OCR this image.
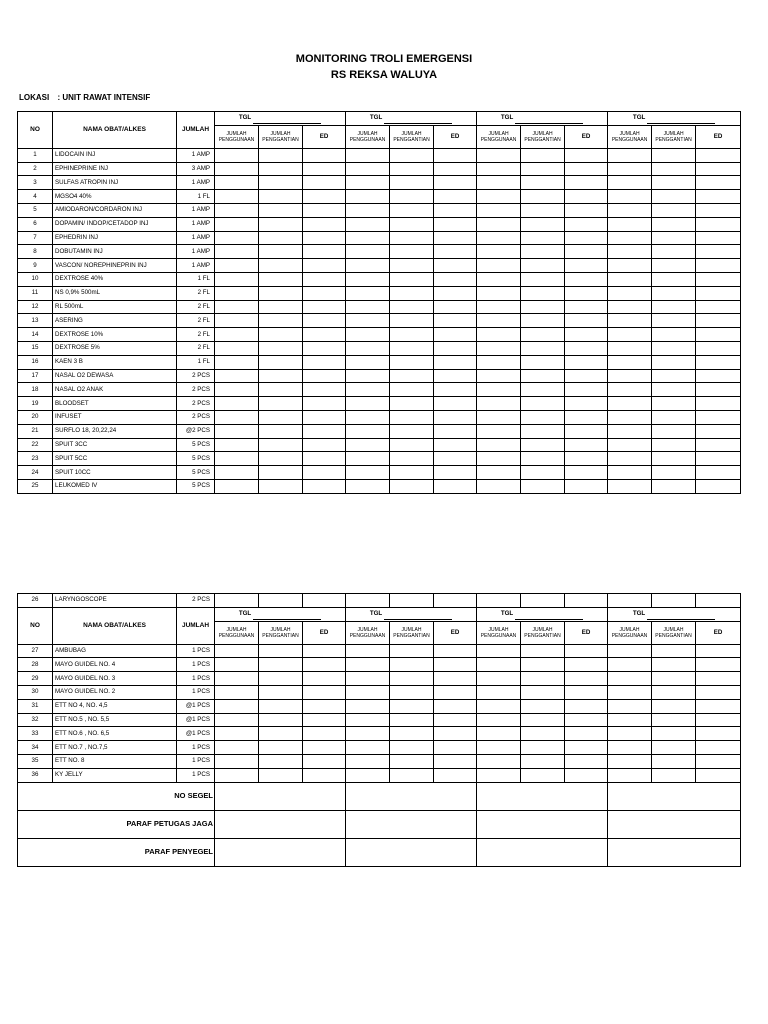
MONITORING TROLI EMERGENSI
RS REKSA WALUYA
LOKASI : UNIT RAWAT INTENSIF
NO	NAMA OBAT/ALKES	JUMLAH	TGL			TGL			TGL			TGL		
			JUMLAH PENGGUNAAN	JUMLAH PENGGANTIAN	ED	JUMLAH PENGGUNAAN	JUMLAH PENGGANTIAN	ED	JUMLAH PENGGUNAAN	JUMLAH PENGGANTIAN	ED	JUMLAH PENGGUNAAN	JUMLAH PENGGANTIAN	ED
1	LIDOCAIN INJ	1 AMP												
2	EPHINEPRINE INJ	3 AMP												
3	SULFAS ATROPIN INJ	1 AMP												
4	MGSO4 40%	1 FL												
5	AMIODARON/CORDARON INJ	1 AMP												
6	DOPAMIN/ INDOP/CETADOP INJ	1 AMP												
7	EPHEDRIN INJ	1 AMP												
8	DOBUTAMIN INJ	1 AMP												
9	VASCON/ NOREPHINEPRIN INJ	1 AMP												
10	DEXTROSE 40%	1 FL												
11	NS 0,9% 500mL	2 FL												
12	RL 500mL	2 FL												
13	ASERING	2 FL												
14	DEXTROSE 10%	2 FL												
15	DEXTROSE 5%	2 FL												
16	KAEN 3 B	1 FL												
17	NASAL O2 DEWASA	2 PCS												
18	NASAL O2 ANAK	2 PCS												
19	BLOODSET	2 PCS												
20	INFUSET	2 PCS												
21	SURFLO 18, 20,22,24	@2 PCS												
22	SPUIT 3CC	5 PCS												
23	SPUIT 5CC	5 PCS												
24	SPUIT 10CC	5 PCS												
25	LEUKOMED IV	5 PCS												
26	LARYNGOSCOPE	2 PCS												
NO	NAMA OBAT/ALKES	JUMLAH	TGL			TGL			TGL			TGL		
			JUMLAH PENGGUNAAN	JUMLAH PENGGANTIAN	ED	JUMLAH PENGGUNAAN	JUMLAH PENGGANTIAN	ED	JUMLAH PENGGUNAAN	JUMLAH PENGGANTIAN	ED	JUMLAH PENGGUNAAN	JUMLAH PENGGANTIAN	ED
27	AMBUBAG	1 PCS												
28	MAYO GUIDEL NO. 4	1 PCS												
29	MAYO GUIDEL NO. 3	1 PCS												
30	MAYO GUIDEL NO. 2	1 PCS												
31	ETT NO 4, NO. 4,5	@1 PCS												
32	ETT NO.5 , NO. 5,5	@1 PCS												
33	ETT NO.6 , NO. 6,5	@1 PCS												
34	ETT NO.7 , NO.7,5	1 PCS												
35	ETT NO. 8	1 PCS												
36	KY JELLY	1 PCS												
NO SEGEL														
PARAF PETUGAS JAGA														
PARAF PENYEGEL														
